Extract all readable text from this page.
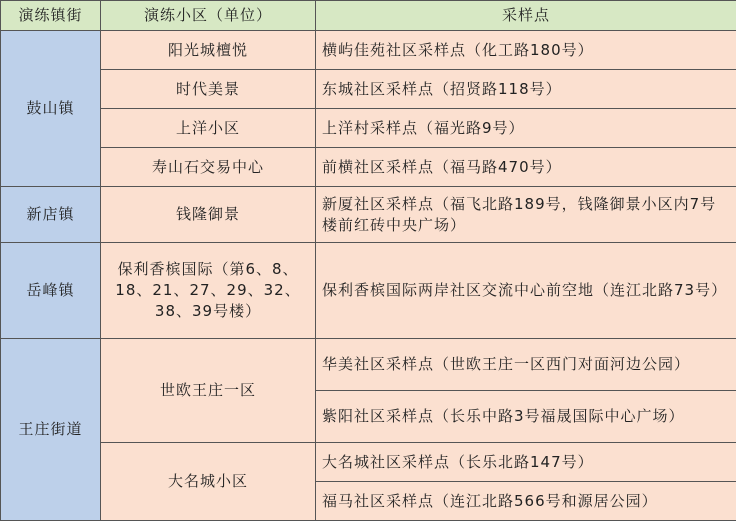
演练镇街	演练小区（单位）	采样点
鼓山镇	阳光城檀悦	横屿佳苑社区采样点（化工路180号）
	时代美景	东城社区采样点（招贤路118号）
	上洋小区	上洋村采样点（福光路9号）
	寿山石交易中心	前横社区采样点（福马路470号）
新店镇	钱隆御景	新厦社区采样点（福飞北路189号，钱隆御景小区内7号楼前红砖中央广场）
岳峰镇	保利香槟国际（第6、8、18、21、27、29、32、38、39号楼）	保利香槟国际两岸社区交流中心前空地（连江北路73号）
王庄街道	世欧王庄一区	华美社区采样点（世欧王庄一区西门对面河边公园）
		紫阳社区采样点（长乐中路3号福晟国际中心广场）
	大名城小区	大名城社区采样点（长乐北路147号）
		福马社区采样点（连江北路566号和源居公园）
